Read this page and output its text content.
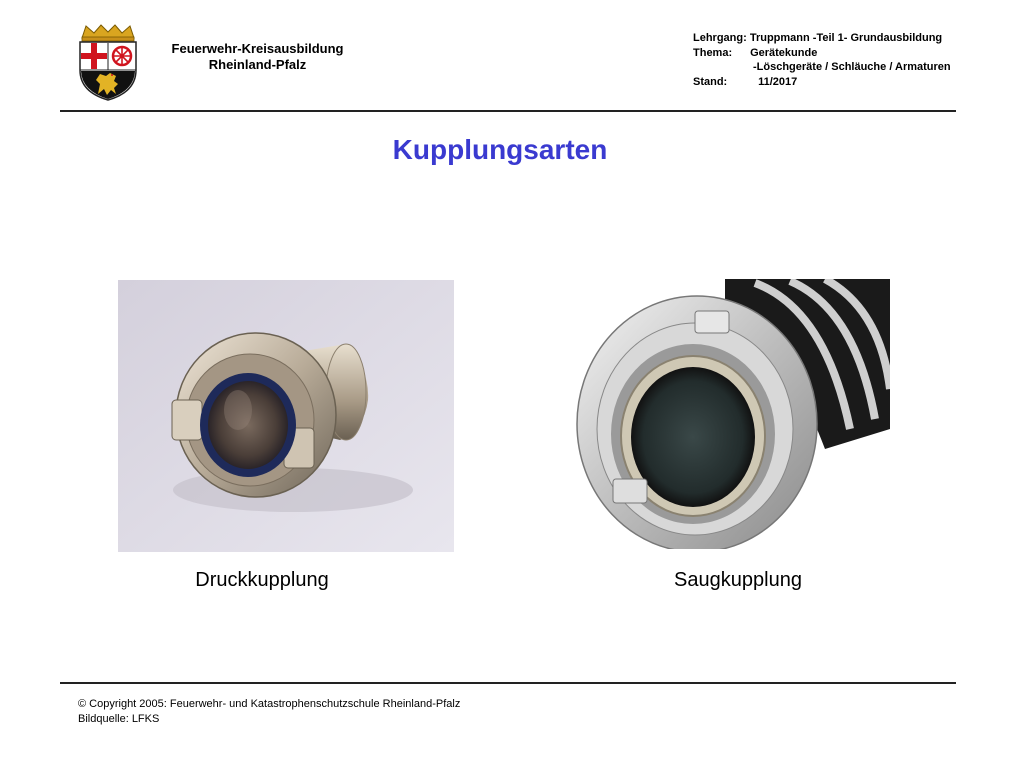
Feuerwehr-Kreisausbildung
Rheinland-Pfalz
Lehrgang: Truppmann -Teil 1- Grundausbildung
Thema: Gerätekunde
-Löschgeräte / Schläuche / Armaturen
Stand:	11/2017
Kupplungsarten
Druckkupplung	Saugkupplung
© Copyright 2005: Feuerwehr- und Katastrophenschutzschule Rheinland-Pfalz
Bildquelle: LFKS
